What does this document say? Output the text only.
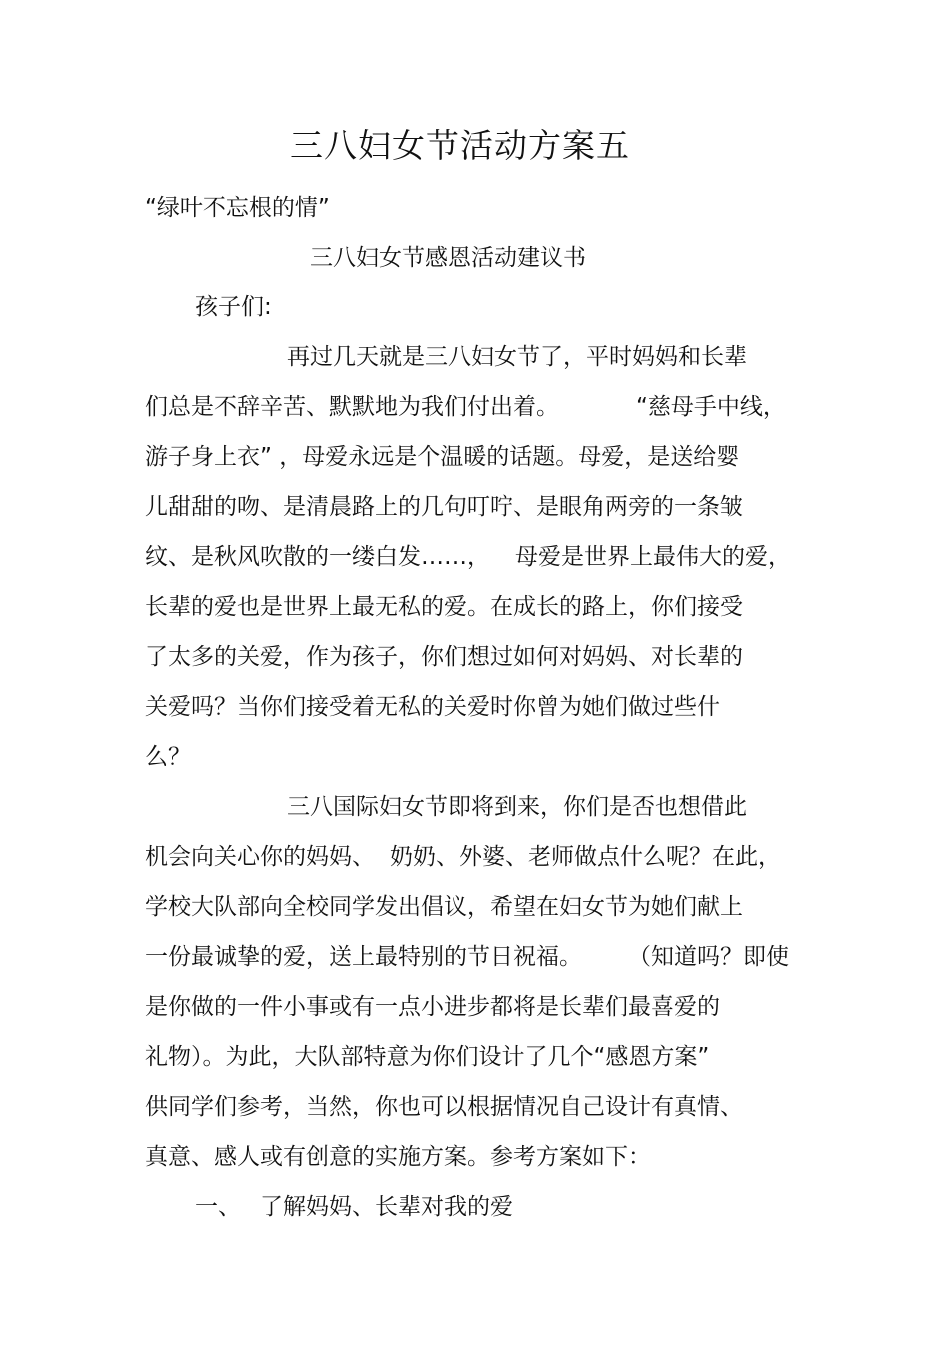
三八妇女节活动方案五
“绿叶不忘根的情”
三八妇女节感恩活动建议书
孩子们:
再过几天就是三八妇女节了，平时妈妈和长辈
们总是不辞辛苦、默默地为我们付出着。	“慈母手中线，
游子身上衣” ，母爱永远是个温暖的话题。母爱，是送给婴
儿甜甜的吻、是清晨路上的几句叮咛、是眼角两旁的一条皱
纹、是秋风吹散的一缕白发……， 母爱是世界上最伟大的爱，
长辈的爱也是世界上最无私的爱。在成长的路上，你们接受
了太多的关爱，作为孩子，你们想过如何对妈妈、对长辈的
关爱吗？当你们接受着无私的关爱时你曾为她们做过些什
么？
三八国际妇女节即将到来，你们是否也想借此
机会向关心你的妈妈、 奶奶、外婆、老师做点什么呢？在此，
学校大队部向全校同学发出倡议，希望在妇女节为她们献上
一份最诚挚的爱，送上最特别的节日祝福。 （知道吗？即使
是你做的一件小事或有一点小进步都将是长辈们最喜爱的
礼物）。为此，大队部特意为你们设计了几个“感恩方案”
供同学们参考，当然，你也可以根据情况自己设计有真情、
真意、感人或有创意的实施方案。参考方案如下：
一、 了解妈妈、长辈对我的爱
